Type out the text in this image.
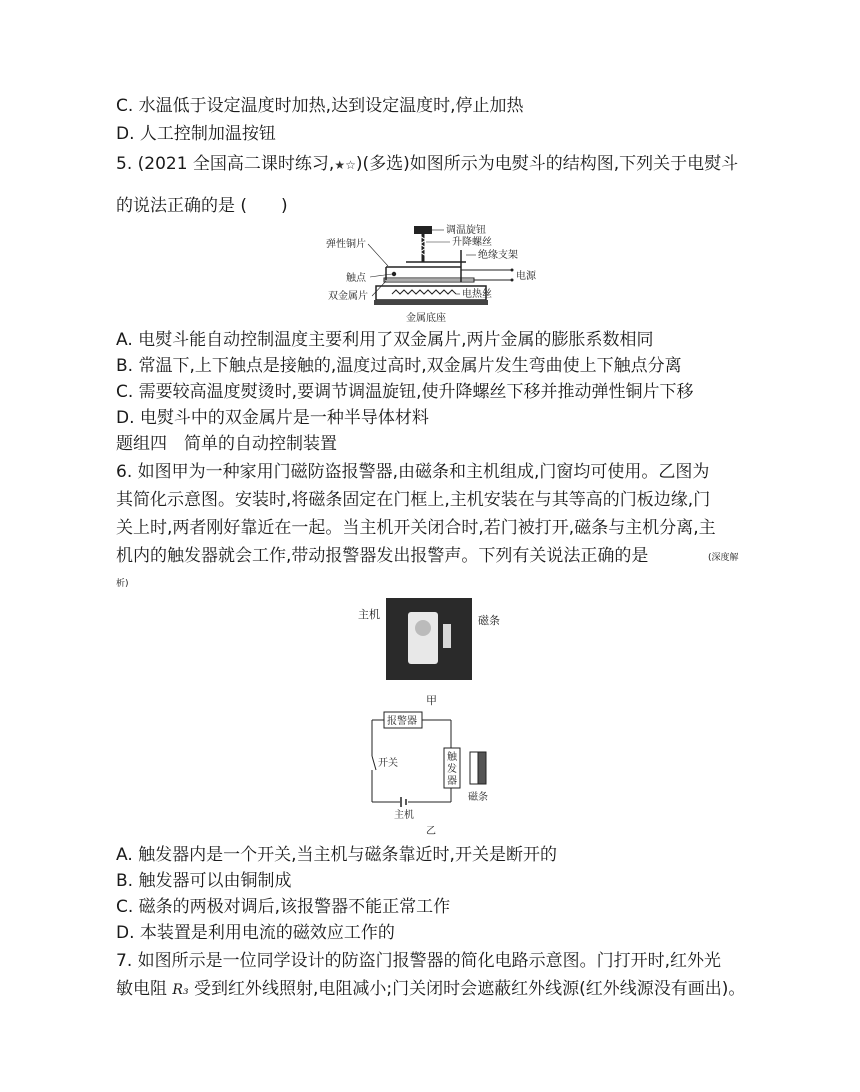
C. 水温低于设定温度时加热,达到设定温度时,停止加热
D. 人工控制加温按钮
5. (2021 全国高二课时练习,★☆)(多选)如图所示为电熨斗的结构图,下列关于电熨斗
的说法正确的是 (　　)
调温旋钮
升降螺丝
绝缘支架
弹性铜片
触点
双金属片	电热丝
电源
金属底座
A. 电熨斗能自动控制温度主要利用了双金属片,两片金属的膨胀系数相同
B. 常温下,上下触点是接触的,温度过高时,双金属片发生弯曲使上下触点分离
C. 需要较高温度熨烫时,要调节调温旋钮,使升降螺丝下移并推动弹性铜片下移
D. 电熨斗中的双金属片是一种半导体材料
题组四　简单的自动控制装置
6. 如图甲为一种家用门磁防盗报警器,由磁条和主机组成,门窗均可使用。乙图为
其简化示意图。安装时,将磁条固定在门框上,主机安装在与其等高的门板边缘,门
关上时,两者刚好靠近在一起。当主机开关闭合时,若门被打开,磁条与主机分离,主
机内的触发器就会工作,带动报警器发出报警声。下列有关说法正确的是	(深度解
析)
主机	磁条
甲
报警器
开关
触
发
器
磁条
主机
乙
A. 触发器内是一个开关,当主机与磁条靠近时,开关是断开的
B. 触发器可以由铜制成
C. 磁条的两极对调后,该报警器不能正常工作
D. 本装置是利用电流的磁效应工作的
7. 如图所示是一位同学设计的防盗门报警器的简化电路示意图。门打开时,红外光
敏电阻 R₃ 受到红外线照射,电阻减小;门关闭时会遮蔽红外线源(红外线源没有画出)。
